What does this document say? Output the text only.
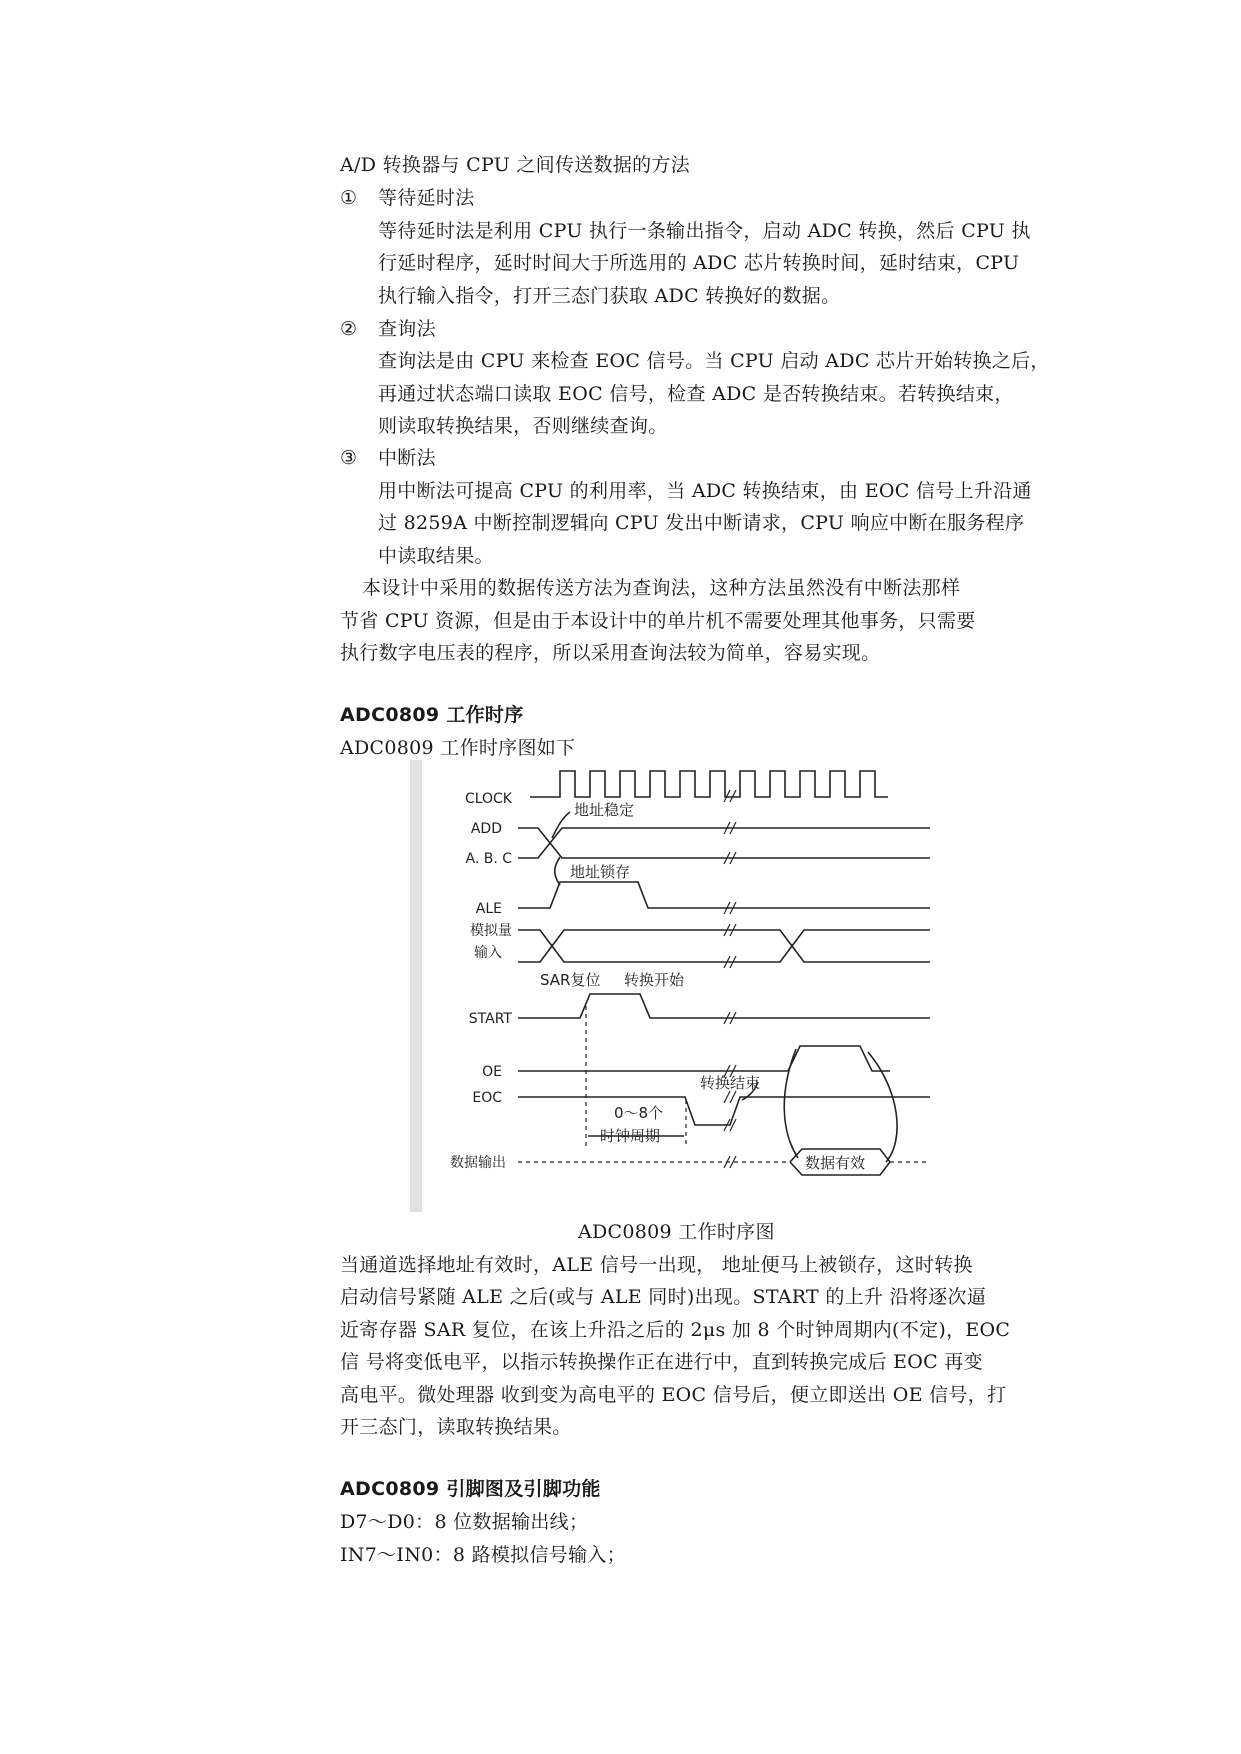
A/D 转换器与 CPU 之间传送数据的方法
① 等待延时法
等待延时法是利用 CPU 执行一条输出指令，启动 ADC 转换，然后 CPU 执
行延时程序，延时时间大于所选用的 ADC 芯片转换时间，延时结束，CPU
执行输入指令，打开三态门获取 ADC 转换好的数据。
② 查询法
查询法是由 CPU 来检查 EOC 信号。当 CPU 启动 ADC 芯片开始转换之后，
再通过状态端口读取 EOC 信号，检查 ADC 是否转换结束。若转换结束，
则读取转换结果，否则继续查询。
③ 中断法
用中断法可提高 CPU 的利用率，当 ADC 转换结束，由 EOC 信号上升沿通
过 8259A 中断控制逻辑向 CPU 发出中断请求，CPU 响应中断在服务程序
中读取结果。
本设计中采用的数据传送方法为查询法，这种方法虽然没有中断法那样
节省 CPU 资源，但是由于本设计中的单片机不需要处理其他事务，只需要
执行数字电压表的程序，所以采用查询法较为简单，容易实现。
ADC0809 工作时序
ADC0809 工作时序图如下
CLOCK
ADD
A. B. C
ALE
模拟量
输入
START
OE
EOC
数据输出
地址稳定
地址锁存
SAR复位 转换开始
转换结束
0～8个
时钟周期
数据有效
ADC0809 工作时序图
当通道选择地址有效时，ALE 信号一出现， 地址便马上被锁存，这时转换
启动信号紧随 ALE 之后(或与 ALE 同时)出现。START 的上升 沿将逐次逼
近寄存器 SAR 复位，在该上升沿之后的 2μs 加 8 个时钟周期内(不定)，EOC
信 号将变低电平，以指示转换操作正在进行中，直到转换完成后 EOC 再变
高电平。微处理器 收到变为高电平的 EOC 信号后，便立即送出 OE 信号，打
开三态门，读取转换结果。
ADC0809 引脚图及引脚功能
D7～D0：8 位数据输出线；
IN7～IN0：8 路模拟信号输入；
